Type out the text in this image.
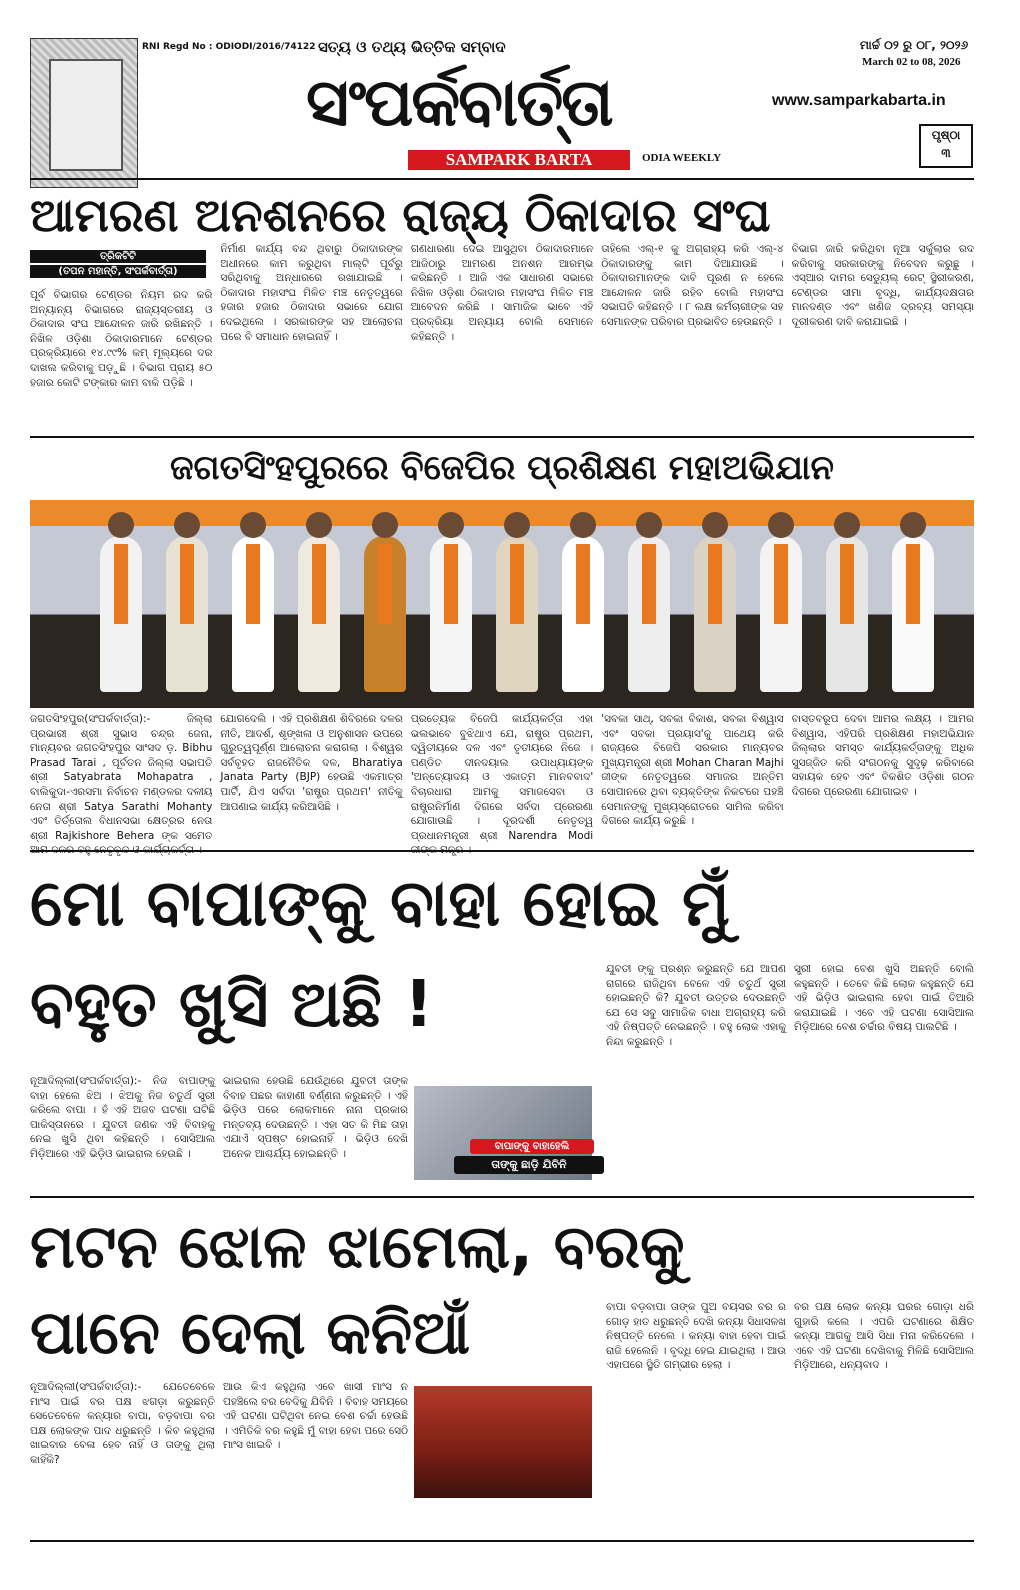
RNI Regd No : ODIODI/2016/74122 ସତ୍ୟ ଓ ତଥ୍ୟ ଭିତ୍ତିକ ସମ୍ବାଦ
ସଂପର୍କବାର୍ତ୍ତା
SAMPARK BARTA	ODIA WEEKLY
ମାର୍ଚ୍ଚ ୦୨ ରୁ ୦୮, ୨୦୨୬
March 02 to 08, 2026
www.samparkabarta.in
ପୃଷ୍ଠା
୩
ଆମରଣ ଅନଶନରେ ରାଜ୍ୟ ଠିକାଦାର ସଂଘ
ତ୍ରିକଟିଟି
(ତପନ ମହାନ୍ତି, ସଂପର୍କବାର୍ତ୍ତା)

ପୂର୍ବ ବିଭାଗର ଟେଣ୍ଡର ନିୟମ ରଦ କରି ଅନ୍ୟାନ୍ୟ ବିଭାଗରେ ରାଜ୍ୟସ୍ତରୀୟ ଓ ଠିକାଦାର ସଂଘ ଆନ୍ଦୋଳନ ଜାରି ରଖିଛନ୍ତି । ନିଖିଳ ଓଡ଼ିଶା ଠିକାଦାରମାନେ ଟେଣ୍ଡର ପ୍ରକ୍ରିୟାରେ ୧୪.୯୯% କମ୍ ମୂଲ୍ୟରେ ଦର ଦାଖଲ କରିବାକୁ ପଡ଼ୁଛି । ବିଭାଗ ପ୍ରାୟ ୫୦ ହଜାର କୋଟି ଟଙ୍କାର କାମ ବାକି ପଡ଼ିଛି ।

ନିର୍ମାଣ କାର୍ଯ୍ୟ ବନ୍ଦ ଥିବାରୁ ଠିକାଦାରଙ୍କ ଅଧୀନରେ କାମ କରୁଥିବା ମାଲ୍ଟି ପୂର୍ବରୁ ସରିଥିବାକୁ ଅନ୍ଧାରରେ ରଖାଯାଇଛି । ଠିକାଦାର ମହାସଂଘ ମିଳିତ ମଞ୍ଚ ନେତୃତ୍ୱରେ ହଜାର ହଜାର ଠିକାଦାର ସଭାରେ ଯୋଗ ଦେଇଥିଲେ । ସରକାରଙ୍କ ସହ ଆଲୋଚନା ପରେ ବି ସମାଧାନ ହୋଇନାହିଁ ।

ଗଣଧାରଣା ଦେଇ ଆସୁଥିବା ଠିକାଦାରମାନେ ଆଜିଠାରୁ ଆମରଣ ଅନଶନ ଆରମ୍ଭ କରିଛନ୍ତି । ଆଜି ଏକ ସାଧାରଣ ସଭାରେ ନିଖିଳ ଓଡ଼ିଶା ଠିକାଦାର ମହାସଂଘ ମିଳିତ ମଞ୍ଚ ଆବେଦନ କରିଛି । ସାମାଜିକ ଭାବେ ଏହି ପ୍ରକ୍ରିୟା ଅନ୍ୟାୟ ବୋଲି ସେମାନେ କହିଛନ୍ତି ।

ତାହିଲେ ଏଲ୍-୧ କୁ ଅଗ୍ରାହ୍ୟ କରି ଏଲ୍-୪ ଠିକାଦାରଙ୍କୁ କାମ ଦିଆଯାଉଛି । ଠିକାଦାରମାନଙ୍କ ଦାବି ପୂରଣ ନ ହେଲେ ଆନ୍ଦୋଳନ ଜାରି ରହିବ ବୋଲି ମହାସଂଘ ସଭାପତି କହିଛନ୍ତି । ୮ ଲକ୍ଷ କର୍ମଚାରୀଙ୍କ ସହ ସେମାନଙ୍କ ପରିବାର ପ୍ରଭାବିତ ହେଉଛନ୍ତି ।

ବିଭାଗ ଜାରି କରିଥିବା ନୂଆ ସର୍କୁଲାର ରଦ କରିବାକୁ ସରକାରଙ୍କୁ ନିବେଦନ କରୁଛୁ । ଏସ୍‌ଆର ଦାମର ସେଡ୍ୟୁଲ୍ ରେଟ୍ ସ୍ଥିରୀକରଣ, ଟେଣ୍ଡର ସୀମା ବୃଦ୍ଧି, କାର୍ଯ୍ୟଦକ୍ଷତାର ମାନଦଣ୍ଡ ଏବଂ ଖଣିଜ ଦ୍ରବ୍ୟ ସମସ୍ୟା ଦୂରୀକରଣ ଦାବି କରାଯାଇଛି ।

ଜଗତସିଂହପୁରରେ ବିଜେପିର ପ୍ରଶିକ୍ଷଣ ମହାଅଭିଯାନ

ଜଗତସିଂହପୁର(ସଂପର୍କବାର୍ତ୍ତା):- ଜିଲ୍ଲା ପ୍ରଭାରୀ ଶ୍ରୀ ସୁଭାସ ଚନ୍ଦ୍ର ଜେନା, ମାନ୍ୟବର ଜଗତସିଂହପୁର ସାଂସଦ ଡ଼. Bibhu Prasad Tarai , ପୂର୍ବତନ ଜିଲ୍ଲା ସଭାପତି ଶ୍ରୀ Satyabrata Mohapatra , ବାଲିକୁଦା-ଏରସମା ନିର୍ବାଚନ ମଣ୍ଡଳର ଦଳୀୟ ନେତା ଶ୍ରୀ Satya Sarathi Mohanty ଏବଂ ତିର୍ତ୍ତୋଲ ବିଧାନସଭା କ୍ଷେତ୍ରର ନେତା ଶ୍ରୀ Rajkishore Behera ଙ୍କ ସମେତ

ଯୋଗଦେଲି । ଏହି ପ୍ରଶିକ୍ଷଣ ଶିବିରରେ ଦଳର ନୀତି, ଆଦର୍ଶ, ଶୃଙ୍ଖଳା ଓ ଅନୁଶାସନ ଉପରେ ଗୁରୁତ୍ୱପୂର୍ଣ୍ଣ ଆଲୋଚନା କରାଗଲା । ବିଶ୍ୱର ସର୍ବବୃହତ ରାଜନୈତିକ ଦଳ, Bharatiya Janata Party (BJP) ହେଉଛି ଏକମାତ୍ର ପାର୍ଟି, ଯିଏ ସର୍ବଦା 'ରାଷ୍ଟ୍ର ପ୍ରଥମ' ନୀତିକୁ ଆପଣାଇ କାର୍ଯ୍ୟ କରିଆସିଛି ।

ପ୍ରତ୍ୟେକ ବିଜେପି କାର୍ଯ୍ୟକର୍ତ୍ତା ଏହା ଭଲଭାବେ ବୁଝିଥାଏ ଯେ, ରାଷ୍ଟ୍ର ପ୍ରଥମ, ଦ୍ୱିତୀୟରେ ଦଳ ଏବଂ ତୃତୀୟରେ ନିଜେ । ପଣ୍ଡିତ ଦୀନଦୟାଲ ଉପାଧ୍ୟାୟଙ୍କ 'ଅନ୍ତ୍ୟୋଦୟ ଓ ଏକାତ୍ମ ମାନବବାଦ' ବିଚାରଧାରା ଆମକୁ ସମାଜସେବା ଓ ରାଷ୍ଟ୍ରନିର୍ମାଣ ଦିଗରେ ସର୍ବଦା ପ୍ରେରଣା ଯୋଗାଉଛି । ଦୂରଦର୍ଶୀ ନେତୃତ୍ୱ ପ୍ରଧାନମନ୍ତ୍ରୀ ଶ୍ରୀ Narendra Modi

'ସବକା ସାଥ୍, ସବକା ବିକାଶ, ସବକା ବିଶ୍ୱାସ ଏବଂ ସବକା ପ୍ରୟାସ'କୁ ପାଥେୟ କରି ରାଜ୍ୟରେ ବିଜେପି ସରକାର ମାନ୍ୟବର ମୁଖ୍ୟମନ୍ତ୍ରୀ ଶ୍ରୀ Mohan Charan Majhi ଜୀଙ୍କ ନେତୃତ୍ୱରେ ସମାଜର ଅନ୍ତିମ ସୋପାନରେ ଥିବା ବ୍ୟକ୍ତିଙ୍କ ନିକଟରେ ପହଞ୍ଚି ସେମାନଙ୍କୁ ମୁଖ୍ୟସ୍ରୋତରେ ସାମିଲ କରିବା ଦିଗରେ କାର୍ଯ୍ୟ କରୁଛି ।

ବାସ୍ତବରୂପ ଦେବା ଆମର ଲକ୍ଷ୍ୟ । ଆମର ବିଶ୍ୱାସ, ଏହିପରି ପ୍ରଶିକ୍ଷଣ ମହାଅଭିଯାନ ଜିଲ୍ଲାର ସମସ୍ତ କାର୍ଯ୍ୟକର୍ତ୍ତାଙ୍କୁ ଅଧିକ ସୁସଜ୍ଜିତ କରି ସଂଗଠନକୁ ସୁଦୃଢ଼ କରିବାରେ ସହାୟକ ହେବ ଏବଂ ବିକଶିତ ଓଡ଼ିଶା ଗଠନ ଦିଗରେ ପ୍ରେରଣା ଯୋଗାଇବ ।

ମୋ ବାପାଙ୍କୁ ବାହା ହୋଇ ମୁଁ
ବହୁତ ଖୁସି ଅଛି !

ନୂଆଦିଲ୍ଲୀ(ସଂପର୍କବାର୍ତ୍ତା):- ନିଜ ବାପାଙ୍କୁ ବାହା ହେଲେ ଝିଅ । ଝିଅକୁ ନିଜ ଚତୁର୍ଥ ସ୍ତ୍ରୀ କରିଲେ ବାପା । ହଁ ଏହି ଅଜବ ଘଟଣା ଘଟିଛି ପାକିସ୍ତାନରେ । ଯୁବତୀ ଜଣକ ଏହି ବିବାହକୁ ନେଇ ଖୁସି ଥିବା କହିଛନ୍ତି । ସୋସିଆଲ ମିଡ଼ିଆରେ ଏହି ଭିଡ଼ିଓ ଭାଇରାଲ ହେଉଛି ।

ଭାଇରାଲ ହେଉଛି ଯେଉଁଥିରେ ଯୁବତୀ ତାଙ୍କ ବିବାହ ପଛର କାହାଣୀ ବର୍ଣ୍ଣନା କରୁଛନ୍ତି । ଏହି ଭିଡ଼ିଓ ପରେ ଲୋକମାନେ ନାନା ପ୍ରକାର ମନ୍ତବ୍ୟ ଦେଉଛନ୍ତି । ଏହା ସତ କି ମିଛ ତାହା ଏଯାଏଁ ସ୍ପଷ୍ଟ ହୋଇନାହିଁ । ଭିଡ଼ିଓ ଦେଖି ଅନେକ ଆଶ୍ଚର୍ଯ୍ୟ ହୋଇଛନ୍ତି ।

ବାପାଙ୍କୁ ବାହାହେଲି
ତାଙ୍କୁ ଛାଡ଼ି ଯିବିନି

ଯୁବତୀ ଙ୍କୁ ପ୍ରଶ୍ନ କରୁଛନ୍ତି ଯେ ଆପଣ ରାଗରେ ରାଜିଥିବା ବେଳେ ଏହି ଚତୁର୍ଥ ସ୍ତ୍ରୀ ହୋଇଛନ୍ତି କି? ଯୁବତୀ ଉତ୍ତର ଦେଉଛନ୍ତି ଯେ ସେ ସବୁ ସାମାଜିକ ବାଧା ଅଗ୍ରାହ୍ୟ କରି ଏହି ନିଷ୍ପତ୍ତି ନେଇଛନ୍ତି । ବହୁ ଲୋକ ଏହାକୁ ନିନ୍ଦା କରୁଛନ୍ତି ।

ସ୍ତ୍ରୀ ହୋଇ ବେଶ ଖୁସି ଅଛନ୍ତି ବୋଲି କହୁଛନ୍ତି । ତେବେ କିଛି ଲୋକ କହୁଛନ୍ତି ଯେ ଏହି ଭିଡ଼ିଓ ଭାଇରାଲ ହେବା ପାଇଁ ତିଆରି କରାଯାଇଛି । ଏବେ ଏହି ଘଟଣା ସୋସିଆଲ ମିଡ଼ିଆରେ ବେଶ ଚର୍ଚ୍ଚାର ବିଷୟ ପାଲଟିଛି ।

ମଟନ ଝୋଳ ଝାମେଲା, ବରକୁ
ପାନେ ଦେଲା କନିଆଁ

ନୂଆଦିଲ୍ଲୀ(ସଂପର୍କବାର୍ତ୍ତା):- ଯେତେବେଳେ ମାଂସ ପାଇଁ ବର ପକ୍ଷ ଝଗଡ଼ା କରୁଛନ୍ତି ସେତେବେଳେ କନ୍ୟାର ବାପା, ବଡ଼ବାପା ବର ପକ୍ଷ ଲୋକଙ୍କ ପାଦ ଧରୁଛନ୍ତି । କିବ କହୁଥିଲା ଖାଇବାର ବେଳା ହେବ ନାହିଁ ଓ ତାଙ୍କୁ ଥିଲା କାହିଁକି?

ଆଉ କିଏ କହୁଥିଲା ଏବେ ଖାସୀ ମାଂସ ନ ପହଞ୍ଚିଲେ ବର ବେଦିକୁ ଯିବିନି । ବିବାହ ସମୟରେ ଏହି ଘଟଣା ଘଟିଥିବା ନେଇ ବେଶ ଚର୍ଚ୍ଚା ହେଉଛି । ଏମିତିକି ବର କହୁଛି ମୁଁ ବାହା ହେବା ପରେ ସେଠି ମାଂସ ଖାଇବି ।

ବାପା ବଡ଼ବାପା ତାଙ୍କ ପୁଅ ବୟସର ବର ର ଗୋଡ଼ ହାତ ଧରୁଛନ୍ତି ଦେଖି କନ୍ୟା ସିଧାସଳଖ ନିଷ୍ପତ୍ତି ନେଲେ । କନ୍ୟା ବାହା ହେବା ପାଇଁ ରାଜି ହେଲେନି । ବୃଦ୍ଧି ହେଇ ଯାଇଥିଲା । ଆଉ ଏହାପରେ ସ୍ଥିତି ଗମ୍ଭୀର ହେଲା ।

ବର ପକ୍ଷ ଲୋକ କନ୍ୟା ଘରର ଗୋଡ଼ା ଧରି ଗୁହାରି କଲେ । ଏପରି ଘଟଣାରେ ଶିକ୍ଷିତ କନ୍ୟା ଆଗକୁ ଆସି ସିଧା ମନା କରିଦେଲେ । ଏବେ ଏହି ଘଟଣା ଦେଖିବାକୁ ମିଳିଛି ସୋସିଆଲ ମିଡ଼ିଆରେ, ଧନ୍ୟବାଦ ।
